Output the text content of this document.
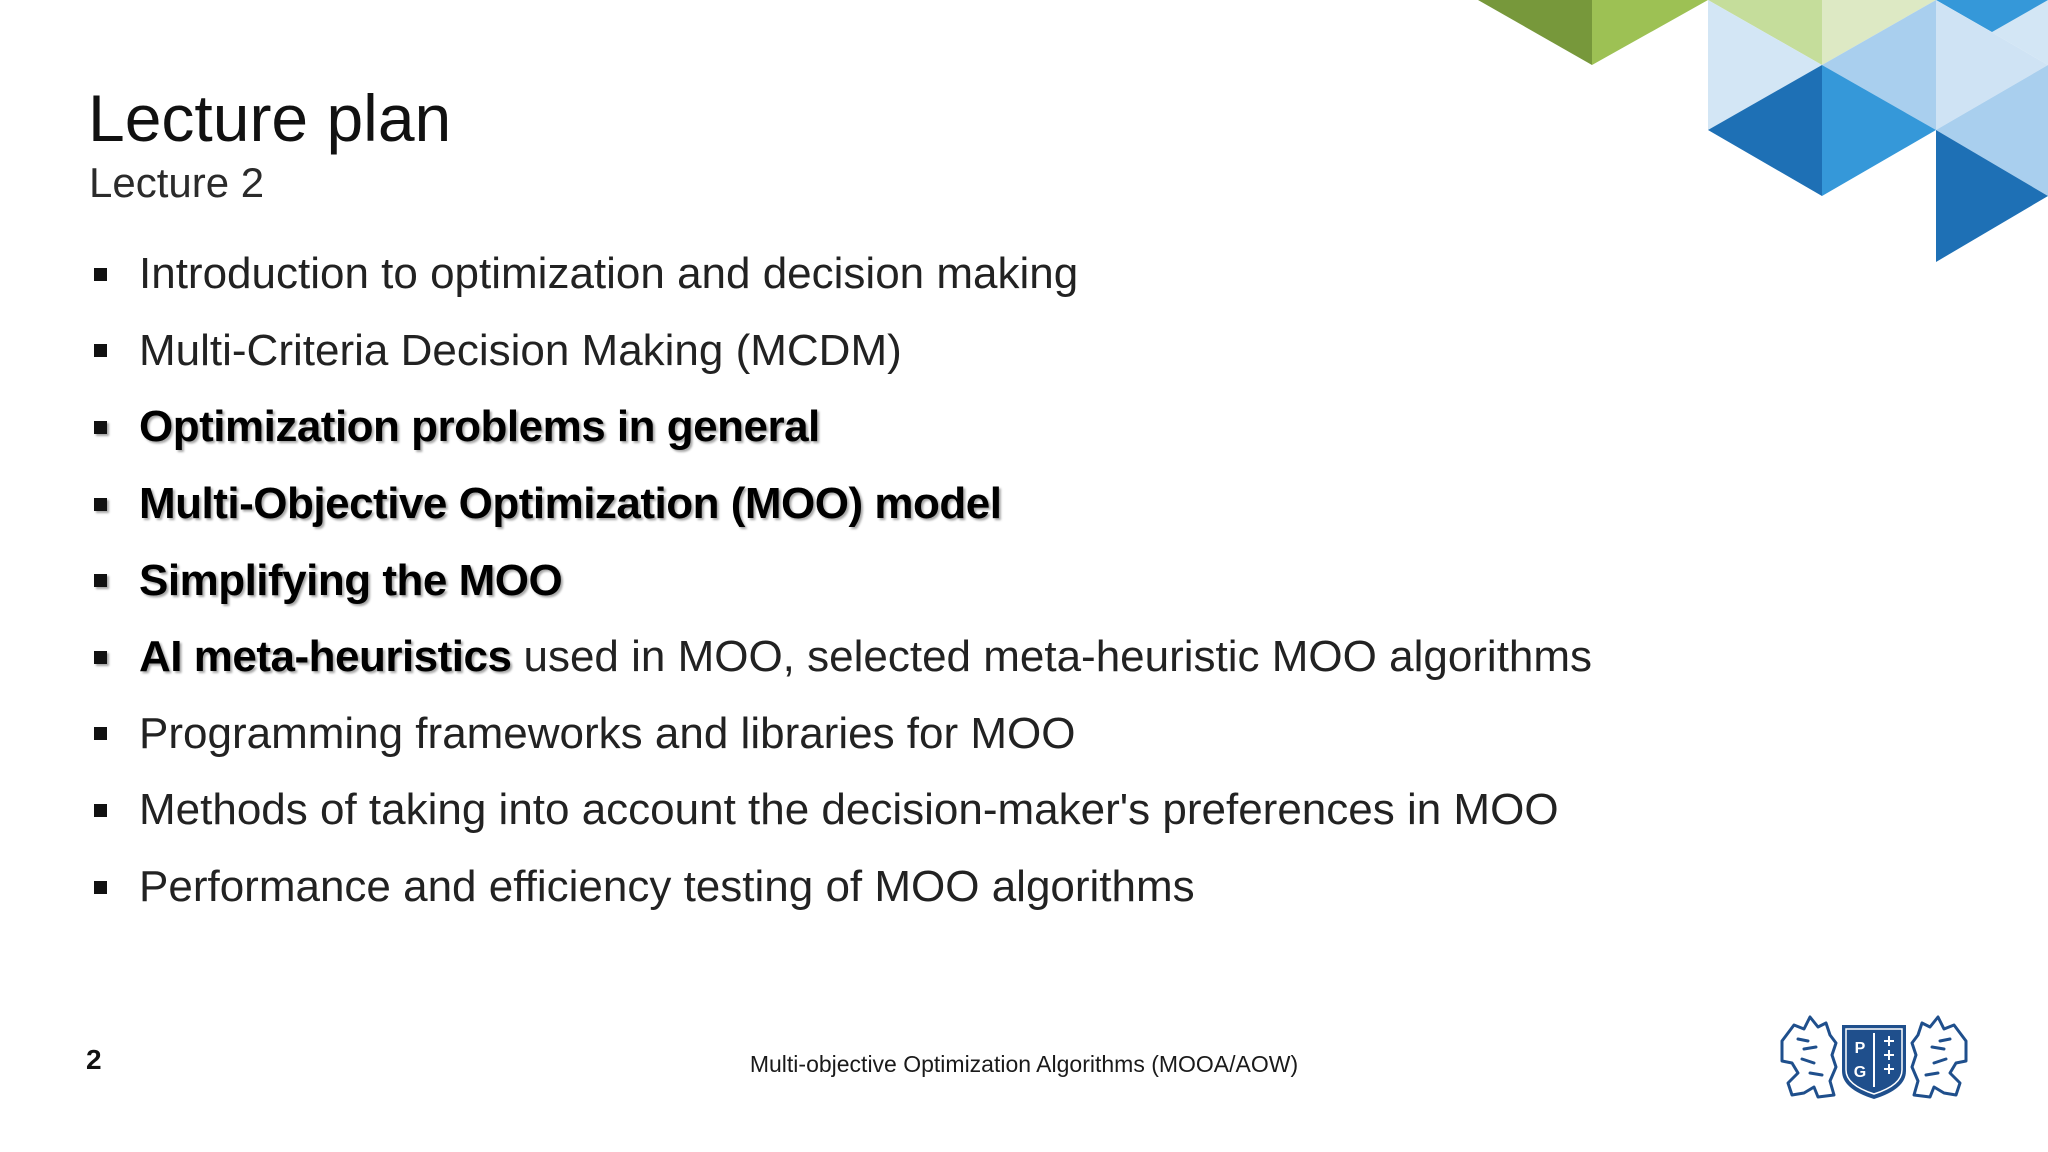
Lecture plan
Lecture 2
Introduction to optimization and decision making
Multi-Criteria Decision Making (MCDM)
Optimization problems in general
Multi-Objective Optimization (MOO) model
Simplifying the MOO
AI meta-heuristics used in MOO, selected meta-heuristic MOO algorithms
Programming frameworks and libraries for MOO
Methods of taking into account the decision-maker's preferences in MOO
Performance and efficiency testing of MOO algorithms
2	Multi-objective Optimization Algorithms (MOOA/AOW)
P
G
